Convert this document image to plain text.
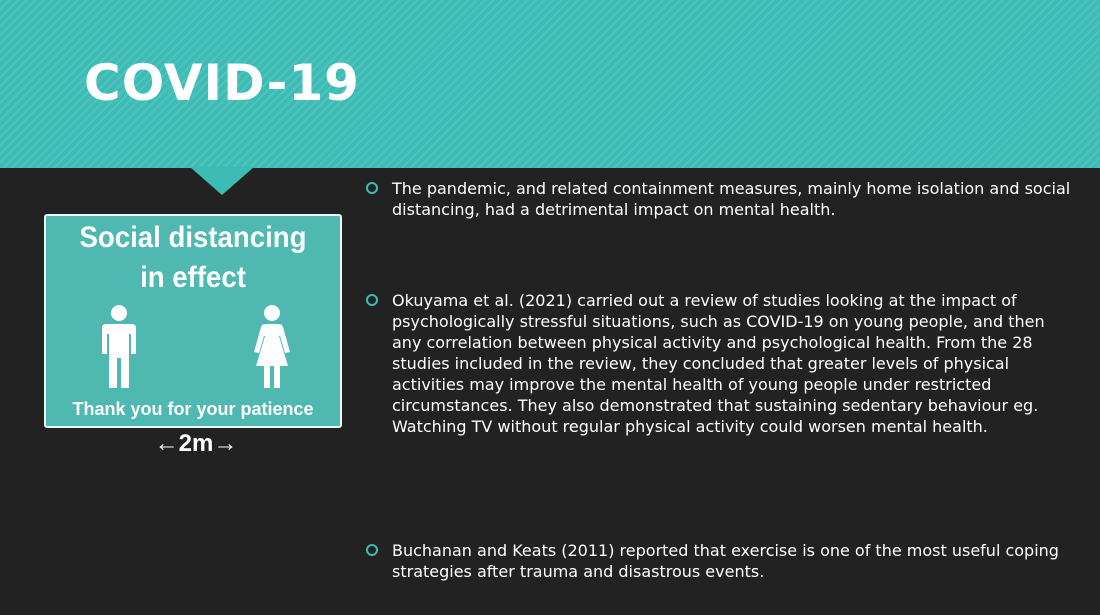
COVID-19
Social distancing
in effect
←2m→
Thank you for your patience

The pandemic, and related containment measures, mainly home isolation and social distancing, had a detrimental impact on mental health.

Okuyama et al. (2021) carried out a review of studies looking at the impact of psychologically stressful situations, such as COVID-19 on young people, and then any correlation between physical activity and psychological health. From the 28 studies included in the review, they concluded that greater levels of physical activities may improve the mental health of young people under restricted circumstances. They also demonstrated that sustaining sedentary behaviour eg. Watching TV without regular physical activity could worsen mental health.

Buchanan and Keats (2011) reported that exercise is one of the most useful coping strategies after trauma and disastrous events.
